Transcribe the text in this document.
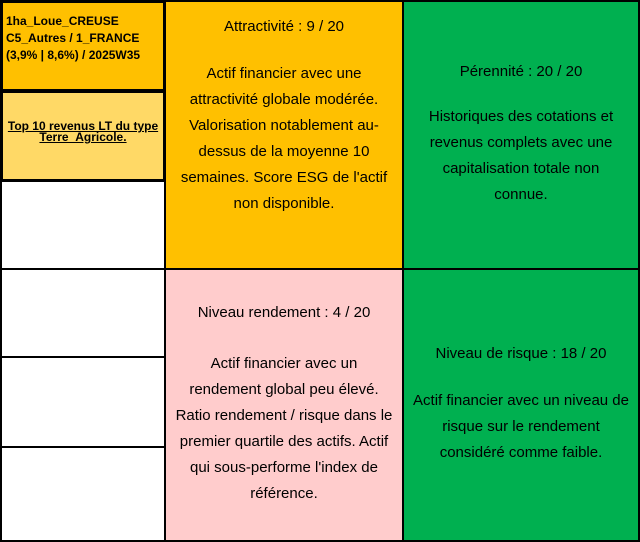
1ha_Loue_CREUSE
C5_Autres / 1_FRANCE
(3,9% | 8,6%) / 2025W35
Top 10 revenus LT du type
Terre_Agricole.
Attractivité : 9 / 20
Actif financier avec une
attractivité globale modérée.
Valorisation notablement au-
dessus de la moyenne 10
semaines. Score ESG de l'actif
non disponible.
Pérennité : 20 / 20
Historiques des cotations et
revenus complets avec une
capitalisation totale non
connue.
Niveau rendement : 4 / 20
Actif financier avec un
rendement global peu élevé.
Ratio rendement / risque dans le
premier quartile des actifs. Actif
qui sous-performe l'index de
référence.
Niveau de risque : 18 / 20
Actif financier avec un niveau de
risque sur le rendement
considéré comme faible.
